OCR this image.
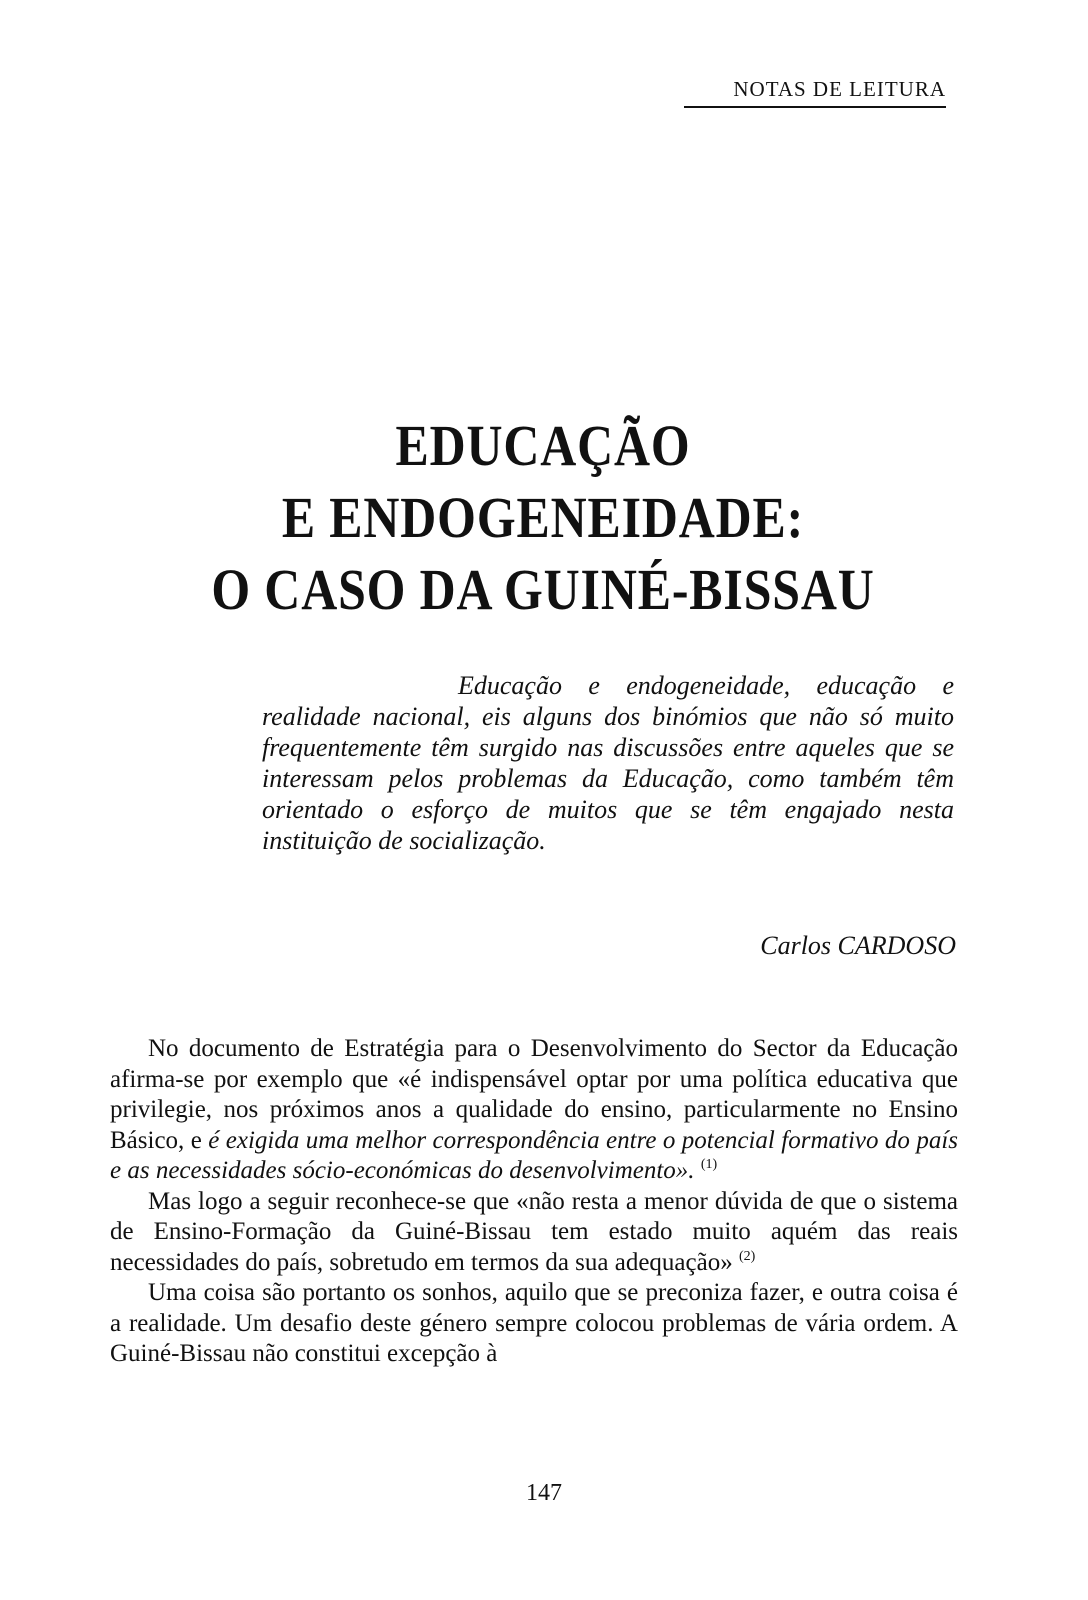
NOTAS DE LEITURA
EDUCAÇÃO
E ENDOGENEIDADE:
O CASO DA GUINÉ-BISSAU
Educação e endogeneidade, educação e realidade nacional, eis alguns dos binómios que não só muito frequentemente têm surgido nas discussões entre aqueles que se interessam pelos problemas da Educação, como também têm orientado o esforço de muitos que se têm engajado nesta instituição de socialização.
Carlos CARDOSO

No documento de Estratégia para o Desenvolvimento do Sector da Educação afirma-se por exemplo que «é indispensável optar por uma política educativa que privilegie, nos próximos anos a qualidade do ensino, particularmente no Ensino Básico, e é exigida uma melhor correspondência entre o potencial formativo do país e as necessidades sócio-económicas do desenvolvimento». $^{(1)}$

Mas logo a seguir reconhece-se que «não resta a menor dúvida de que o sistema de Ensino-Formação da Guiné-Bissau tem estado muito aquém das reais necessidades do país, sobretudo em termos da sua adequação» $^{(2)}$

Uma coisa são portanto os sonhos, aquilo que se preconiza fazer, e outra coisa é a realidade. Um desafio deste género sempre colocou problemas de vária ordem. A Guiné-Bissau não constitui excepção à

147
